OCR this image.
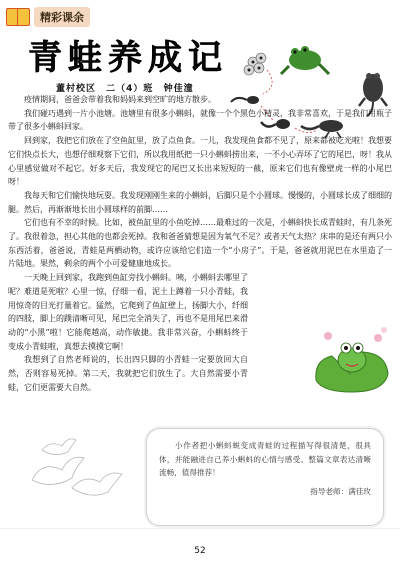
精彩课余
青蛙养成记
董村校区 二（4）班 钟佳潼

疫情期间，爸爸会带着我和妈妈来到空旷的地方散步。

我们碰巧遇到一片小池塘。池塘里有很多小蝌蚪，就像一个个黑色小精灵，我非常喜欢，于是我们用瓶子带了很多小蝌蚪回家。

回到家，我把它们放在了空鱼缸里，放了点鱼食。一儿，我发现鱼食都不见了，原来都被吃光啦！我想要它们快点长大，也想仔细观察下它们，所以我用纸把一只小蝌蚪捞出来，一不小心弄坏了它的尾巴，呀！我从心里感觉做对不起它。好多天后，我发现它的尾巴又长出来短短的一截，原来它们也有像壁虎一样的小尾巴呀！

我每天和它们愉快地玩耍。我发现刚刚生来的小蝌蚪，后脚只是个小圆球。慢慢的，小圆球长成了细细的腿。然后，再渐渐地长出小圆球样的前脚……

它们也有不幸的时候。比如，被鱼缸里的小鱼吃掉……最难过的一次是，小蝌蚪快长成青蛙时，有几条死了。我很着急，担心其他的也都会死掉。我和爸爸猜想是因为氧气不足？或者天气太热？床串的是还有两只小东西活着，爸爸说，青蛙是两栖动物，或许应该给它们造一个“小房子”。于是，爸爸就用泥巴在水里造了一片陆地。果然，剩余的两个小可爱健康地成长。

一天晚上回到家，我跑到鱼缸旁找小蝌蚪。咦，小蝌蚪去哪里了呢？难道是死啦？心里一惊，仔细一看，泥土上蹲着一只小青蛙，我用惊奇的目光打量着它。猛然，它爬到了鱼缸壁上，扬脚大小，纤细的四肢，脚上的蹼清晰可见，尾巴完全消失了，再也不是用尾巴来滑动的“小黑”啦！它能爬越高，动作敏捷。我非常兴奋，小蝌蚪终于变成小青蛙啦，真想去摸摸它啊！

我想到了自然老师说的，长出四只脚的小青蛙一定要放回大自然，否则容易死掉。第二天，我就把它们放生了。大自然需要小青蛙，它们更需要大自然。

小作者把小蝌蚪蜕变成青蛙的过程描写得很清楚，很具体，并能融进自己养小蝌蚪的心情与感受。整篇文章表达清晰流畅，值得推荐！

指导老师：满佳玫

52
